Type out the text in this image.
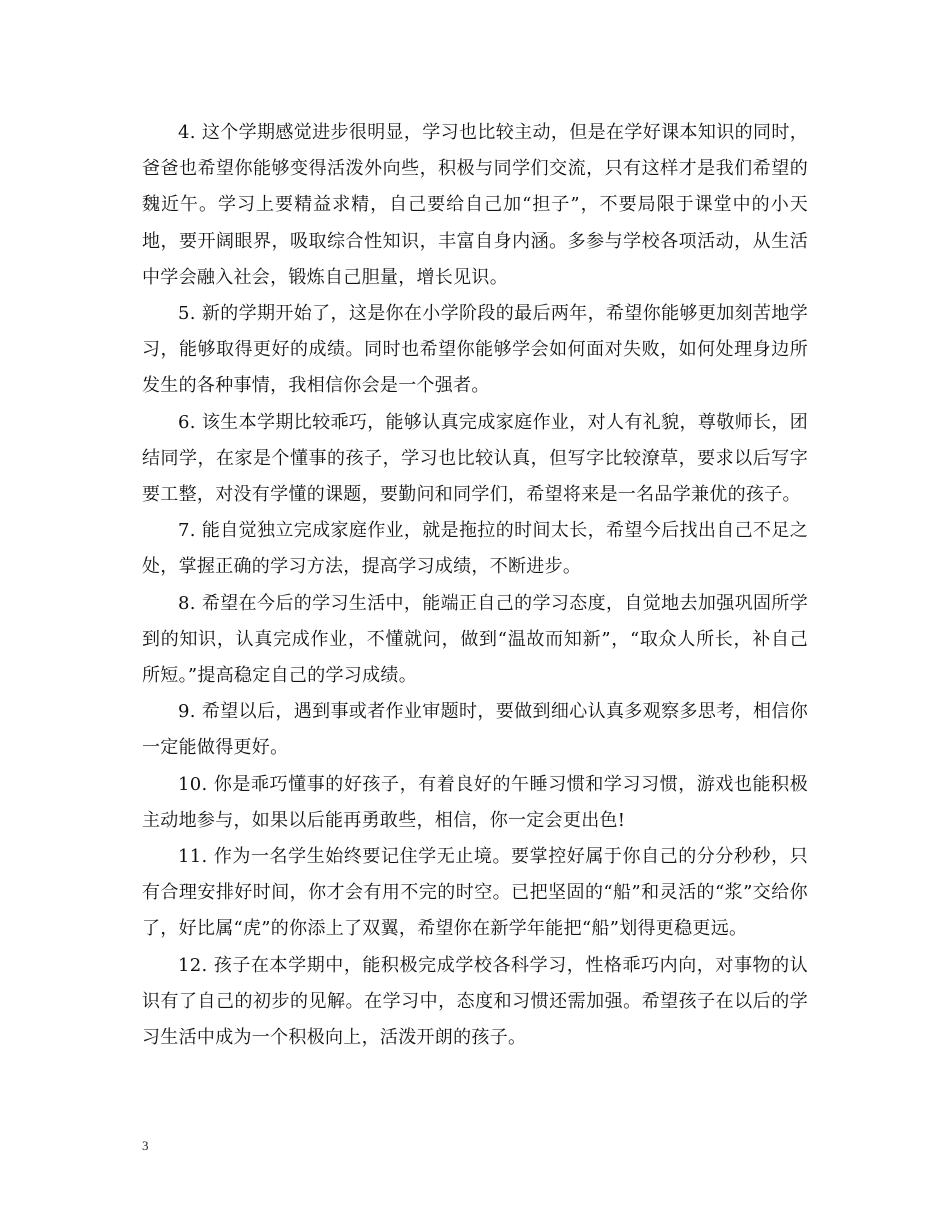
4. 这个学期感觉进步很明显，学习也比较主动，但是在学好课本知识的同时，爸爸也希望你能够变得活泼外向些，积极与同学们交流，只有这样才是我们希望的魏近午。学习上要精益求精，自己要给自己加“担子”，不要局限于课堂中的小天地，要开阔眼界，吸取综合性知识，丰富自身内涵。多参与学校各项活动，从生活中学会融入社会，锻炼自己胆量，增长见识。

5. 新的学期开始了，这是你在小学阶段的最后两年，希望你能够更加刻苦地学习，能够取得更好的成绩。同时也希望你能够学会如何面对失败，如何处理身边所发生的各种事情，我相信你会是一个强者。

6. 该生本学期比较乖巧，能够认真完成家庭作业，对人有礼貌，尊敬师长，团结同学，在家是个懂事的孩子，学习也比较认真，但写字比较潦草，要求以后写字要工整，对没有学懂的课题，要勤问和同学们，希望将来是一名品学兼优的孩子。

7. 能自觉独立完成家庭作业，就是拖拉的时间太长，希望今后找出自己不足之处，掌握正确的学习方法，提高学习成绩，不断进步。

8. 希望在今后的学习生活中，能端正自己的学习态度，自觉地去加强巩固所学到的知识，认真完成作业，不懂就问，做到“温故而知新”，“取众人所长，补自己所短。”提高稳定自己的学习成绩。

9. 希望以后，遇到事或者作业审题时，要做到细心认真多观察多思考，相信你一定能做得更好。

10. 你是乖巧懂事的好孩子，有着良好的午睡习惯和学习习惯，游戏也能积极主动地参与，如果以后能再勇敢些，相信，你一定会更出色!

11. 作为一名学生始终要记住学无止境。要掌控好属于你自己的分分秒秒，只有合理安排好时间，你才会有用不完的时空。已把坚固的“船”和灵活的“浆”交给你了，好比属“虎”的你添上了双翼，希望你在新学年能把“船”划得更稳更远。

12. 孩子在本学期中，能积极完成学校各科学习，性格乖巧内向，对事物的认识有了自己的初步的见解。在学习中，态度和习惯还需加强。希望孩子在以后的学习生活中成为一个积极向上，活泼开朗的孩子。

3
